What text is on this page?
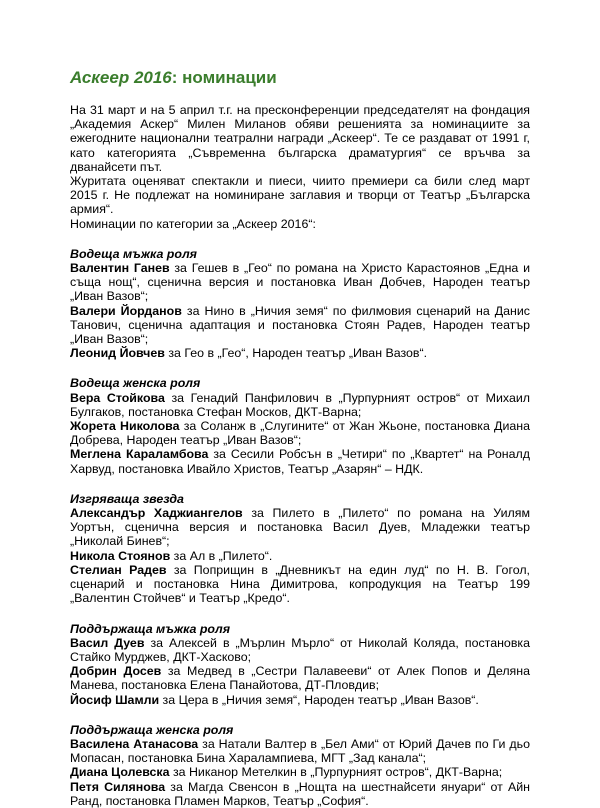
Аскеер 2016: номинации

На 31 март и на 5 април т.г. на пресконференции председателят на фондация „Академия Аскер“ Милен Миланов обяви решенията за номинациите за ежегодните национални театрални награди „Аскеер“. Те се раздават от 1991 г, като категорията „Съвременна българска драматургия“ се връчва за дванайсети път.

Журитата оценяват спектакли и пиеси, чиито премиери са били след март 2015 г. Не подлежат на номиниране заглавия и творци от Театър „Българска армия“.

Номинации по категории за „Аскеер 2016“:

Водеща мъжка роля

Валентин Ганев за Гешев в „Гео“ по романа на Христо Карастоянов „Една и съща нощ“, сценична версия и постановка Иван Добчев, Народен театър „Иван Вазов“;

Валери Йорданов за Нино в „Ничия земя“ по филмовия сценарий на Данис Танович, сценична адаптация и постановка Стоян Радев, Народен театър „Иван Вазов“;

Леонид Йовчев за Гео в „Гео“, Народен театър „Иван Вазов“.

Водеща женска роля

Вера Стойкова за Генадий Панфилович в „Пурпурният остров“ от Михаил Булгаков, постановка Стефан Москов, ДКТ-Варна;

Жорета Николова за Соланж в „Слугините“ от Жан Жьоне, постановка Диана Добрева, Народен театър „Иван Вазов“;

Меглена Караламбова за Сесили Робсън в „Четири“ по „Квартет“ на Роналд Харвуд, постановка Ивайло Христов, Театър „Азарян“ – НДК.

Изгряваща звезда

Александър Хаджиангелов за Пилето в „Пилето“ по романа на Уилям Уортън, сценична версия и постановка Васил Дуев, Младежки театър „Николай Бинев“;

Никола Стоянов за Ал в „Пилето“.

Стелиан Радев за Поприщин в „Дневникът на един луд“ по Н. В. Гогол, сценарий и постановка Нина Димитрова, копродукция на Театър 199 „Валентин Стойчев“ и Театър „Кредо“.

Поддържаща мъжка роля

Васил Дуев за Алексей в „Мърлин Мърло“ от Николай Коляда, постановка Стайко Мурджев, ДКТ-Хасково;

Добрин Досев за Медвед в „Сестри Палавееви“ от Алек Попов и Деляна Манева, постановка Елена Панайотова, ДТ-Пловдив;

Йосиф Шамли за Цера в „Ничия земя“, Народен театър „Иван Вазов“.

Поддържаща женска роля

Василена Атанасова за Натали Валтер в „Бел Ами“ от Юрий Дачев по Ги дьо Мопасан, постановка Бина Харалампиева, МГТ „Зад канала“;

Диана Цолевска за Никанор Метелкин в „Пурпурният остров“, ДКТ-Варна;

Петя Силянова за Магда Свенсон в „Нощта на шестнайсети януари“ от Айн Ранд, постановка Пламен Марков, Театър „София“.
